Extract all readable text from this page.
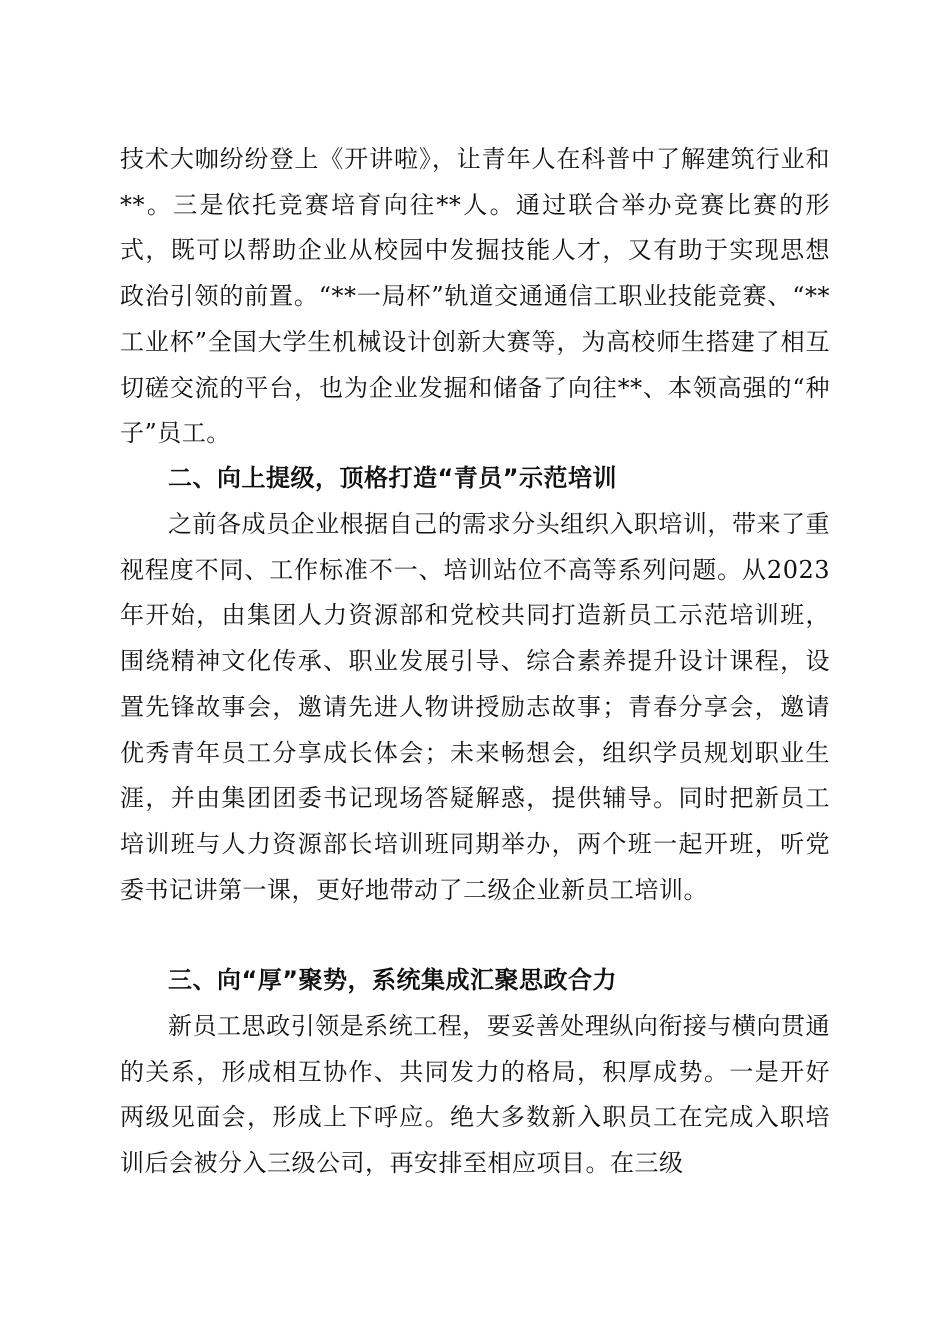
技术大咖纷纷登上《开讲啦》，让青年人在科普中了解建筑行业和**。三是依托竞赛培育向往**人。通过联合举办竞赛比赛的形式，既可以帮助企业从校园中发掘技能人才，又有助于实现思想政治引领的前置。“**一局杯”轨道交通通信工职业技能竞赛、“**工业杯”全国大学生机械设计创新大赛等，为高校师生搭建了相互切磋交流的平台，也为企业发掘和储备了向往**、本领高强的“种子”员工。

二、向上提级，顶格打造“青员”示范培训

之前各成员企业根据自己的需求分头组织入职培训，带来了重视程度不同、工作标准不一、培训站位不高等系列问题。从2023年开始，由集团人力资源部和党校共同打造新员工示范培训班，围绕精神文化传承、职业发展引导、综合素养提升设计课程，设置先锋故事会，邀请先进人物讲授励志故事；青春分享会，邀请优秀青年员工分享成长体会；未来畅想会，组织学员规划职业生涯，并由集团团委书记现场答疑解惑，提供辅导。同时把新员工培训班与人力资源部长培训班同期举办，两个班一起开班，听党委书记讲第一课，更好地带动了二级企业新员工培训。

三、向“厚”聚势，系统集成汇聚思政合力

新员工思政引领是系统工程，要妥善处理纵向衔接与横向贯通的关系，形成相互协作、共同发力的格局，积厚成势。一是开好两级见面会，形成上下呼应。绝大多数新入职员工在完成入职培训后会被分入三级公司，再安排至相应项目。在三级
